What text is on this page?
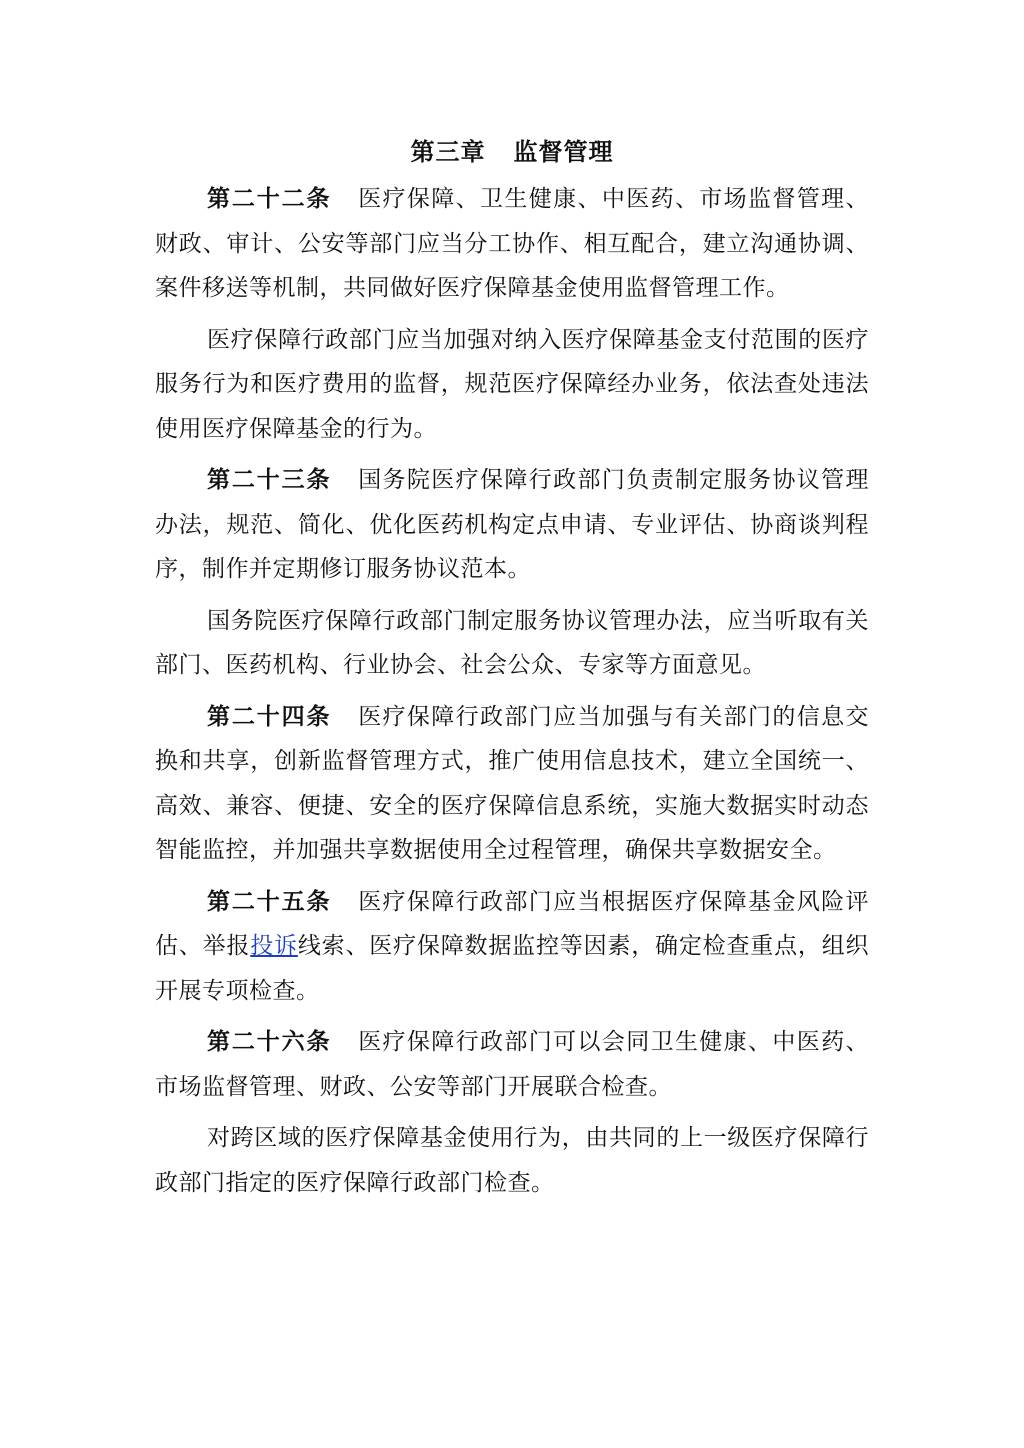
第三章 监督管理

第二十二条 医疗保障、卫生健康、中医药、市场监督管理、财政、审计、公安等部门应当分工协作、相互配合，建立沟通协调、案件移送等机制，共同做好医疗保障基金使用监督管理工作。

医疗保障行政部门应当加强对纳入医疗保障基金支付范围的医疗服务行为和医疗费用的监督，规范医疗保障经办业务，依法查处违法使用医疗保障基金的行为。

第二十三条 国务院医疗保障行政部门负责制定服务协议管理办法，规范、简化、优化医药机构定点申请、专业评估、协商谈判程序，制作并定期修订服务协议范本。

国务院医疗保障行政部门制定服务协议管理办法，应当听取有关部门、医药机构、行业协会、社会公众、专家等方面意见。

第二十四条 医疗保障行政部门应当加强与有关部门的信息交换和共享，创新监督管理方式，推广使用信息技术，建立全国统一、高效、兼容、便捷、安全的医疗保障信息系统，实施大数据实时动态智能监控，并加强共享数据使用全过程管理，确保共享数据安全。

第二十五条 医疗保障行政部门应当根据医疗保障基金风险评估、举报投诉线索、医疗保障数据监控等因素，确定检查重点，组织开展专项检查。

第二十六条 医疗保障行政部门可以会同卫生健康、中医药、市场监督管理、财政、公安等部门开展联合检查。

对跨区域的医疗保障基金使用行为，由共同的上一级医疗保障行政部门指定的医疗保障行政部门检查。
